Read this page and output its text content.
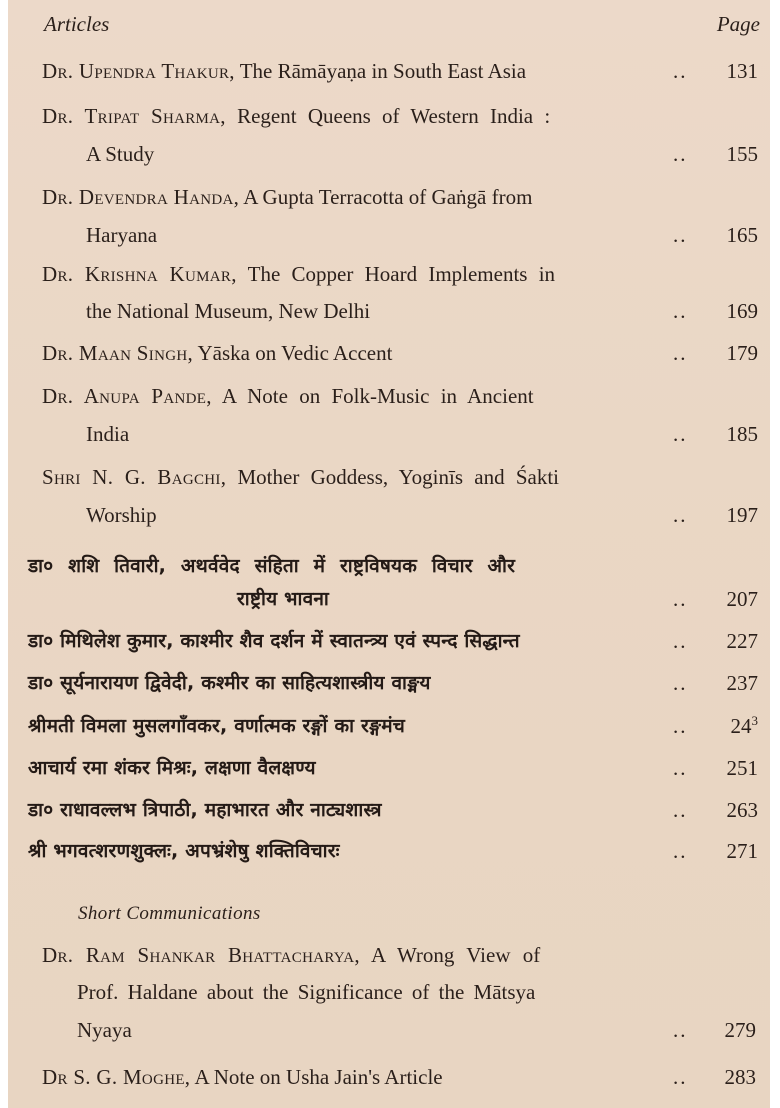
Articles	Page
Dr. Upendra Thakur, The Rāmāyaṇa in South East Asia	.. 131
Dr. Tripat Sharma, Regent Queens of Western India :
A Study	.. 155
Dr. Devendra Handa, A Gupta Terracotta of Gaṅgā from
Haryana	.. 165
Dr. Krishna Kumar, The Copper Hoard Implements in
the National Museum, New Delhi	.. 169
Dr. Maan Singh, Yāska on Vedic Accent	.. 179
Dr. Anupa Pande, A Note on Folk-Music in Ancient
India	.. 185
Shri N. G. Bagchi, Mother Goddess, Yoginīs and Śakti
Worship	.. 197
डा० शशि तिवारी, अथर्ववेद संहिता में राष्ट्रविषयक विचार और
राष्ट्रीय भावना	.. 207
डा० मिथिलेश कुमार, काश्मीर शैव दर्शन में स्वातन्त्र्य एवं स्पन्द सिद्धान्त	.. 227
डा० सूर्यनारायण द्विवेदी, कश्मीर का साहित्यशास्त्रीय वाङ्मय	.. 237
श्रीमती विमला मुसलगाँवकर, वर्णात्मक रङ्गों का रङ्गमंच	.. $24^3$
आचार्य रमा शंकर मिश्रः, लक्षणा वैलक्षण्य	.. 251
डा० राधावल्लभ त्रिपाठी, महाभारत और नाट्यशास्त्र	.. 263
श्री भगवत्शरणशुक्लः, अपभ्रंशेषु शक्तिविचारः	.. 271
Short Communications
Dr. Ram Shankar Bhattacharya, A Wrong View of
Prof. Haldane about the Significance of the Mātsya
Nyaya	.. 279
Dr S. G. Moghe, A Note on Usha Jain's Article	.. 283
